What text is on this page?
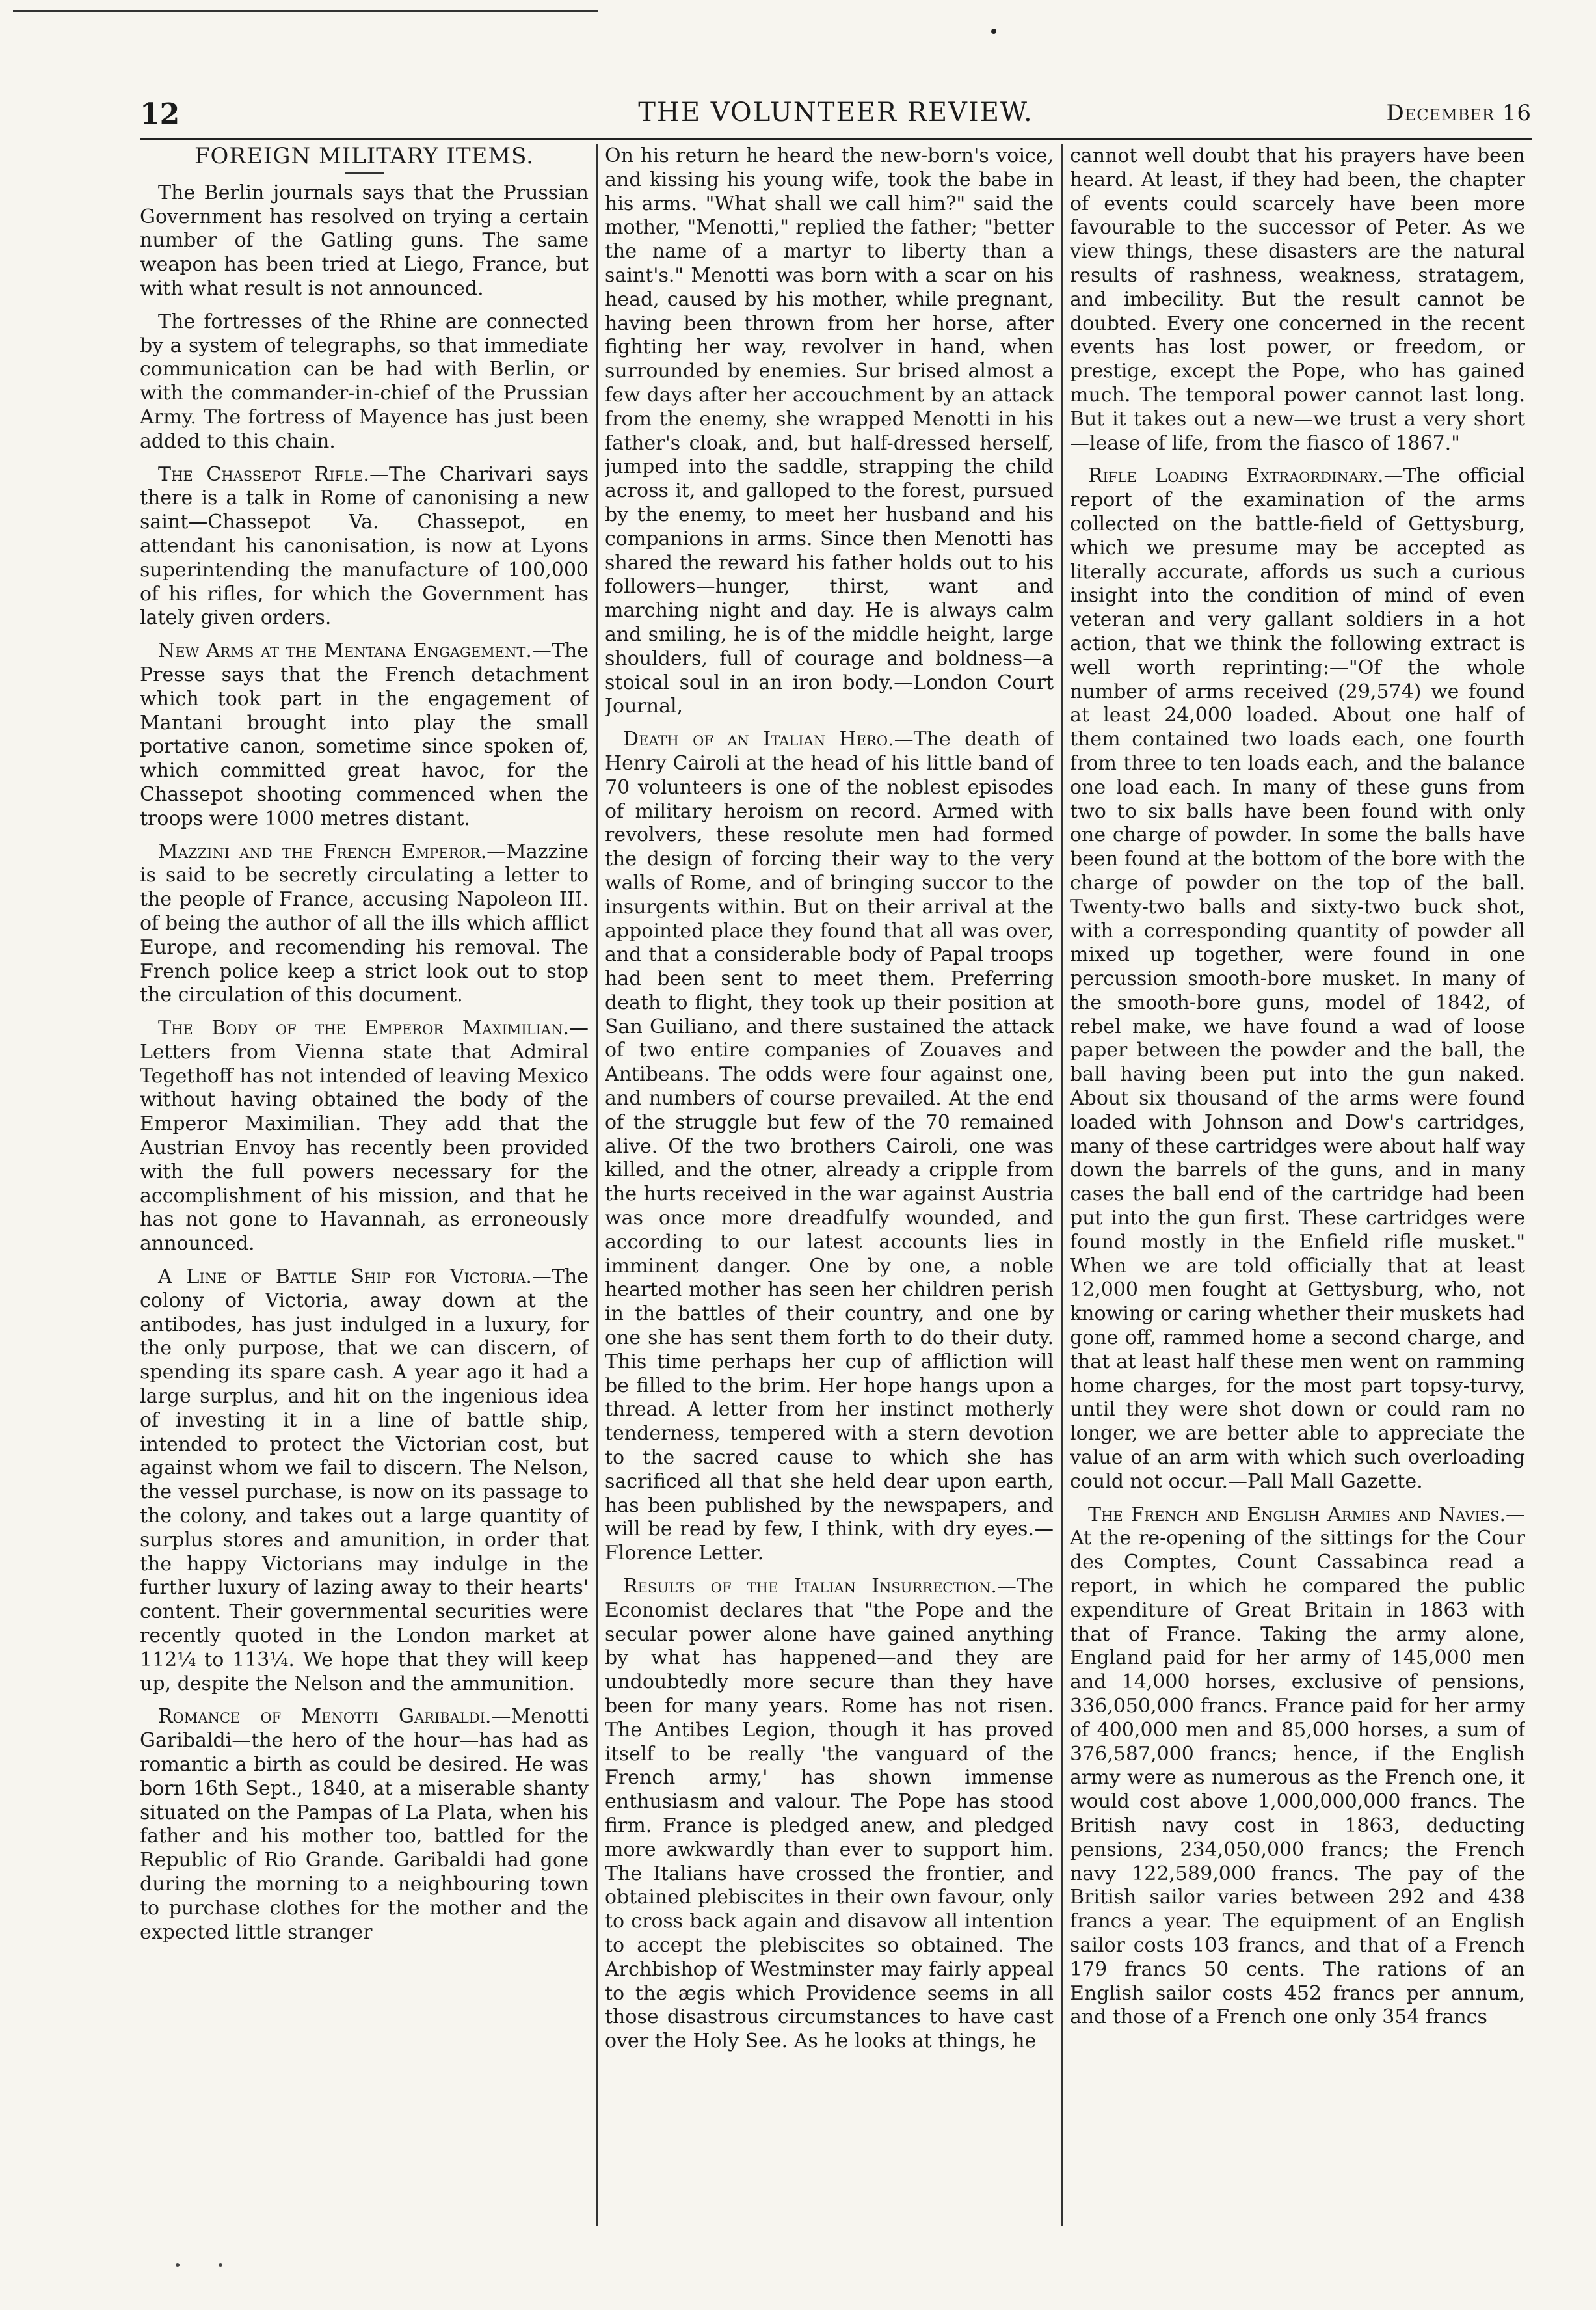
12	THE VOLUNTEER REVIEW.	December 16
FOREIGN MILITARY ITEMS.

The Berlin journals says that the Prussian Government has resolved on trying a certain number of the Gatling guns. The same weapon has been tried at Liego, France, but with what result is not announced.

The fortresses of the Rhine are connected by a system of telegraphs, so that immediate communication can be had with Berlin, or with the commander-in-chief of the Prussian Army. The fortress of Mayence has just been added to this chain.

The Chassepot Rifle.—The Charivari says there is a talk in Rome of canonising a new saint—Chassepot Va. Chassepot, en attendant his canonisation, is now at Lyons superintending the manufacture of 100,000 of his rifles, for which the Government has lately given orders.

New Arms at the Mentana Engagement.—The Presse says that the French detachment which took part in the engagement of Mantani brought into play the small portative canon, sometime since spoken of, which committed great havoc, for the Chassepot shooting commenced when the troops were 1000 metres distant.

Mazzini and the French Emperor.—Mazzine is said to be secretly circulating a letter to the people of France, accusing Napoleon III. of being the author of all the ills which afflict Europe, and recomending his removal. The French police keep a strict look out to stop the circulation of this document.

The Body of the Emperor Maximilian.—Letters from Vienna state that Admiral Tegethoff has not intended of leaving Mexico without having obtained the body of the Emperor Maximilian. They add that the Austrian Envoy has recently been provided with the full powers necessary for the accomplishment of his mission, and that he has not gone to Havannah, as erroneously announced.

A Line of Battle Ship for Victoria.—The colony of Victoria, away down at the antibodes, has just indulged in a luxury, for the only purpose, that we can discern, of spending its spare cash. A year ago it had a large surplus, and hit on the ingenious idea of investing it in a line of battle ship, intended to protect the Victorian cost, but against whom we fail to discern. The Nelson, the vessel purchase, is now on its passage to the colony, and takes out a large quantity of surplus stores and amunition, in order that the happy Victorians may indulge in the further luxury of lazing away to their hearts' content. Their governmental securities were recently quoted in the London market at 112¼ to 113¼. We hope that they will keep up, despite the Nelson and the ammunition.

Romance of Menotti Garibaldi.—Menotti Garibaldi—the hero of the hour—has had as romantic a birth as could be desired. He was born 16th Sept., 1840, at a miserable shanty situated on the Pampas of La Plata, when his father and his mother too, battled for the Republic of Rio Grande. Garibaldi had gone during the morning to a neighbouring town to purchase clothes for the mother and the expected little stranger

On his return he heard the new-born's voice, and kissing his young wife, took the babe in his arms. "What shall we call him?" said the mother, "Menotti," replied the father; "better the name of a martyr to liberty than a saint's." Menotti was born with a scar on his head, caused by his mother, while pregnant, having been thrown from her horse, after fighting her way, revolver in hand, when surrounded by enemies. Sur brised almost a few days after her accouchment by an attack from the enemy, she wrapped Menotti in his father's cloak, and, but half-dressed herself, jumped into the saddle, strapping the child across it, and galloped to the forest, pursued by the enemy, to meet her husband and his companions in arms. Since then Menotti has shared the reward his father holds out to his followers—hunger, thirst, want and marching night and day. He is always calm and smiling, he is of the middle height, large shoulders, full of courage and boldness—a stoical soul in an iron body.—London Court Journal,

Death of an Italian Hero.—The death of Henry Cairoli at the head of his little band of 70 volunteers is one of the noblest episodes of military heroism on record. Armed with revolvers, these resolute men had formed the design of forcing their way to the very walls of Rome, and of bringing succor to the insurgents within. But on their arrival at the appointed place they found that all was over, and that a considerable body of Papal troops had been sent to meet them. Preferring death to flight, they took up their position at San Guiliano, and there sustained the attack of two entire companies of Zouaves and Antibeans. The odds were four against one, and numbers of course prevailed. At the end of the struggle but few of the 70 remained alive. Of the two brothers Cairoli, one was killed, and the otner, already a cripple from the hurts received in the war against Austria was once more dreadfulfy wounded, and according to our latest accounts lies in imminent danger. One by one, a noble hearted mother has seen her children perish in the battles of their country, and one by one she has sent them forth to do their duty. This time perhaps her cup of affliction will be filled to the brim. Her hope hangs upon a thread. A letter from her instinct motherly tenderness, tempered with a stern devotion to the sacred cause to which she has sacrificed all that she held dear upon earth, has been published by the newspapers, and will be read by few, I think, with dry eyes.—Florence Letter.

Results of the Italian Insurrection.—The Economist declares that "the Pope and the secular power alone have gained anything by what has happened—and they are undoubtedly more secure than they have been for many years. Rome has not risen. The Antibes Legion, though it has proved itself to be really 'the vanguard of the French army,' has shown immense enthusiasm and valour. The Pope has stood firm. France is pledged anew, and pledged more awkwardly than ever to support him. The Italians have crossed the frontier, and obtained plebiscites in their own favour, only to cross back again and disavow all intention to accept the plebiscites so obtained. The Archbishop of Westminster may fairly appeal to the ægis which Providence seems in all those disastrous circumstances to have cast over the Holy See. As he looks at things, he

cannot well doubt that his prayers have been heard. At least, if they had been, the chapter of events could scarcely have been more favourable to the successor of Peter. As we view things, these disasters are the natural results of rashness, weakness, stratagem, and imbecility. But the result cannot be doubted. Every one concerned in the recent events has lost power, or freedom, or prestige, except the Pope, who has gained much. The temporal power cannot last long. But it takes out a new—we trust a very short—lease of life, from the fiasco of 1867."

Rifle Loading Extraordinary.—The official report of the examination of the arms collected on the battle-field of Gettysburg, which we presume may be accepted as literally accurate, affords us such a curious insight into the condition of mind of even veteran and very gallant soldiers in a hot action, that we think the following extract is well worth reprinting:—"Of the whole number of arms received (29,574) we found at least 24,000 loaded. About one half of them contained two loads each, one fourth from three to ten loads each, and the balance one load each. In many of these guns from two to six balls have been found with only one charge of powder. In some the balls have been found at the bottom of the bore with the charge of powder on the top of the ball. Twenty-two balls and sixty-two buck shot, with a corresponding quantity of powder all mixed up together, were found in one percussion smooth-bore musket. In many of the smooth-bore guns, model of 1842, of rebel make, we have found a wad of loose paper between the powder and the ball, the ball having been put into the gun naked. About six thousand of the arms were found loaded with Johnson and Dow's cartridges, many of these cartridges were about half way down the barrels of the guns, and in many cases the ball end of the cartridge had been put into the gun first. These cartridges were found mostly in the Enfield rifle musket." When we are told officially that at least 12,000 men fought at Gettysburg, who, not knowing or caring whether their muskets had gone off, rammed home a second charge, and that at least half these men went on ramming home charges, for the most part topsy-turvy, until they were shot down or could ram no longer, we are better able to appreciate the value of an arm with which such overloading could not occur.—Pall Mall Gazette.

The French and English Armies and Navies.—At the re-opening of the sittings for the Cour des Comptes, Count Cassabinca read a report, in which he compared the public expenditure of Great Britain in 1863 with that of France. Taking the army alone, England paid for her army of 145,000 men and 14,000 horses, exclusive of pensions, 336,050,000 francs. France paid for her army of 400,000 men and 85,000 horses, a sum of 376,587,000 francs; hence, if the English army were as numerous as the French one, it would cost above 1,000,000,000 francs. The British navy cost in 1863, deducting pensions, 234,050,000 francs; the French navy 122,589,000 francs. The pay of the British sailor varies between 292 and 438 francs a year. The equipment of an English sailor costs 103 francs, and that of a French 179 francs 50 cents. The rations of an English sailor costs 452 francs per annum, and those of a French one only 354 francs
